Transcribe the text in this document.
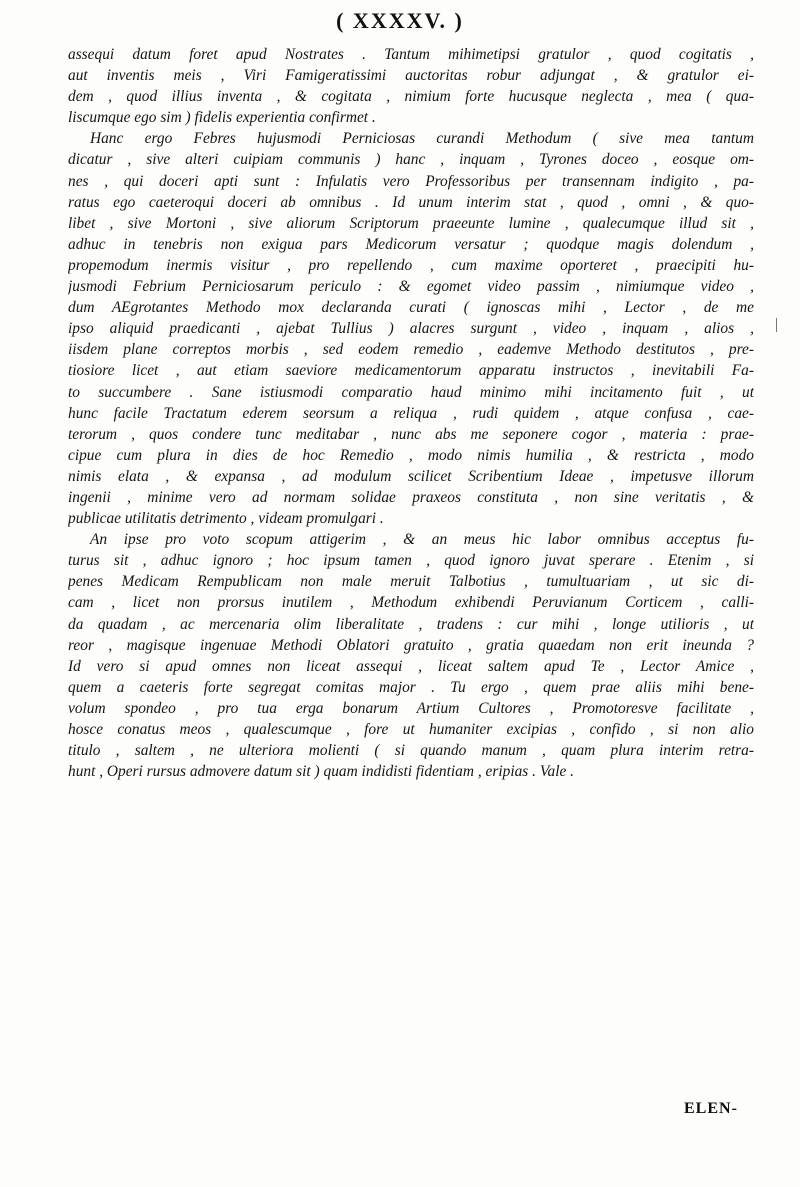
( XXXXV. )
assequi datum foret apud Nostrates . Tantum mihimetipsi gratulor , quod cogitatis ,
aut inventis meis , Viri Famigeratissimi auctoritas robur adjungat , & gratulor ei-
dem , quod illius inventa , & cogitata , nimium forte hucusque neglecta , mea ( qua-
liscumque ego sim ) fidelis experientia confirmet .
Hanc ergo Febres hujusmodi Perniciosas curandi Methodum ( sive mea tantum
dicatur , sive alteri cuipiam communis ) hanc , inquam , Tyrones doceo , eosque om-
nes , qui doceri apti sunt : Infulatis vero Professoribus per transennam indigito , pa-
ratus ego caeteroqui doceri ab omnibus . Id unum interim stat , quod , omni , & quo-
libet , sive Mortoni , sive aliorum Scriptorum praeeunte lumine , qualecumque illud sit ,
adhuc in tenebris non exigua pars Medicorum versatur ; quodque magis dolendum ,
propemodum inermis visitur , pro repellendo , cum maxime oporteret , praecipiti hu-
jusmodi Febrium Perniciosarum periculo : & egomet video passim , nimiumque video ,
dum AEgrotantes Methodo mox declaranda curati ( ignoscas mihi , Lector , de me
ipso aliquid praedicanti , ajebat Tullius ) alacres surgunt , video , inquam , alios ,
iisdem plane correptos morbis , sed eodem remedio , eademve Methodo destitutos , pre-
tiosiore licet , aut etiam saeviore medicamentorum apparatu instructos , inevitabili Fa-
to succumbere . Sane istiusmodi comparatio haud minimo mihi incitamento fuit , ut
hunc facile Tractatum ederem seorsum a reliqua , rudi quidem , atque confusa , cae-
terorum , quos condere tunc meditabar , nunc abs me seponere cogor , materia : prae-
cipue cum plura in dies de hoc Remedio , modo nimis humilia , & restricta , modo
nimis elata , & expansa , ad modulum scilicet Scribentium Ideae , impetusve illorum
ingenii , minime vero ad normam solidae praxeos constituta , non sine veritatis , &
publicae utilitatis detrimento , videam promulgari .
An ipse pro voto scopum attigerim , & an meus hic labor omnibus acceptus fu-
turus sit , adhuc ignoro ; hoc ipsum tamen , quod ignoro juvat sperare . Etenim , si
penes Medicam Rempublicam non male meruit Talbotius , tumultuariam , ut sic di-
cam , licet non prorsus inutilem , Methodum exhibendi Peruvianum Corticem , calli-
da quadam , ac mercenaria olim liberalitate , tradens : cur mihi , longe utilioris , ut
reor , magisque ingenuae Methodi Oblatori gratuito , gratia quaedam non erit ineunda ?
Id vero si apud omnes non liceat assequi , liceat saltem apud Te , Lector Amice ,
quem a caeteris forte segregat comitas major . Tu ergo , quem prae aliis mihi bene-
volum spondeo , pro tua erga bonarum Artium Cultores , Promotoresve facilitate ,
hosce conatus meos , qualescumque , fore ut humaniter excipias , confido , si non alio
titulo , saltem , ne ulteriora molienti ( si quando manum , quam plura interim retra-
hunt , Operi rursus admovere datum sit ) quam indidisti fidentiam , eripias . Vale .
ELEN-
